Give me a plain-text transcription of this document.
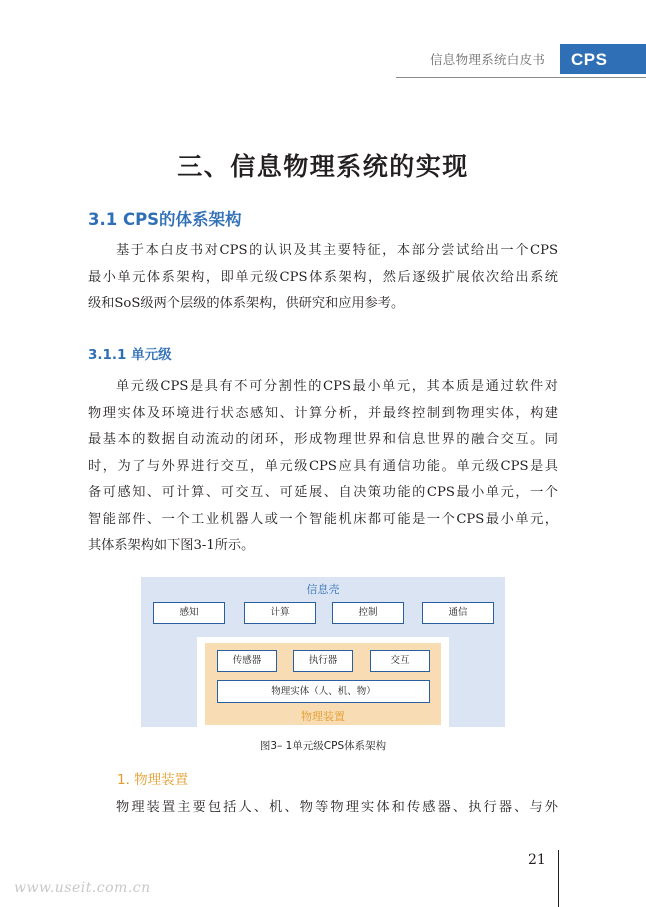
信息物理系统白皮书	CPS
三、信息物理系统的实现
3.1 CPS的体系架构
基于本白皮书对CPS的认识及其主要特征，本部分尝试给出一个CPS
最小单元体系架构，即单元级CPS体系架构，然后逐级扩展依次给出系统
级和SoS级两个层级的体系架构，供研究和应用参考。
3.1.1 单元级
单元级CPS是具有不可分割性的CPS最小单元，其本质是通过软件对
物理实体及环境进行状态感知、计算分析，并最终控制到物理实体，构建
最基本的数据自动流动的闭环，形成物理世界和信息世界的融合交互。同
时，为了与外界进行交互，单元级CPS应具有通信功能。单元级CPS是具
备可感知、可计算、可交互、可延展、自决策功能的CPS最小单元，一个
智能部件、一个工业机器人或一个智能机床都可能是一个CPS最小单元，
其体系架构如下图3-1所示。
信息壳
感知	计算	控制	通信
传感器	执行器	交互
物理实体（人、机、物）
物理装置
图3– 1单元级CPS体系架构
1. 物理装置
物理装置主要包括人、机、物等物理实体和传感器、执行器、与外
21
www.useit.com.cn
